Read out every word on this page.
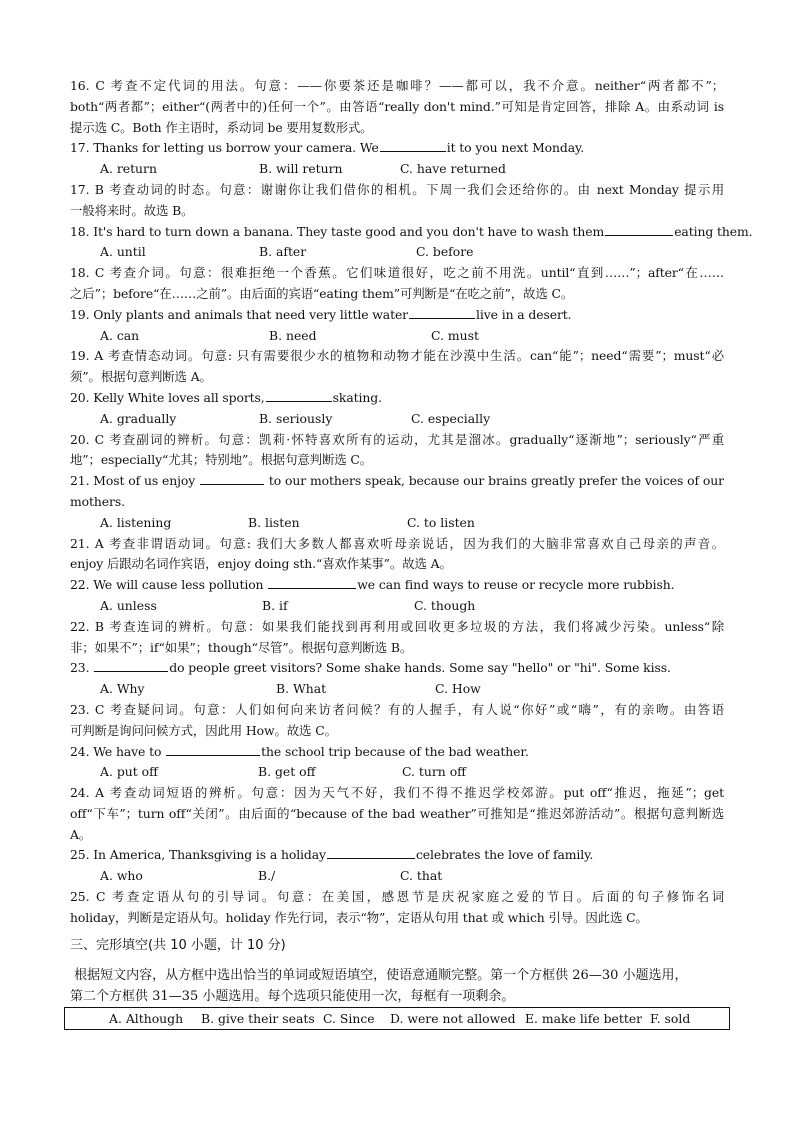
16. C 考查不定代词的用法。句意：——你要茶还是咖啡？——都可以，我不介意。neither“两者都不”；
both“两者都”；either“(两者中的)任何一个”。由答语“really don't mind.”可知是肯定回答，排除 A。由系动词 is
提示选 C。Both 作主语时，系动词 be 要用复数形式。
17. Thanks for letting us borrow your camera. We	it to you next Monday.
A. return	B. will return	C. have returned
17. B 考查动词的时态。句意：谢谢你让我们借你的相机。下周一我们会还给你的。由 next Monday 提示用
一般将来时。故选 B。
18. It's hard to turn down a banana. They taste good and you don't have to wash them	eating them.
A. until	B. after	C. before
18. C 考查介词。句意：很难拒绝一个香蕉。它们味道很好，吃之前不用洗。until“直到……”；after“在……
之后”；before“在……之前”。由后面的宾语“eating them”可判断是“在吃之前”，故选 C。
19. Only plants and animals that need very little water	live in a desert.
A. can	B. need	C. must
19. A 考查情态动词。句意: 只有需要很少水的植物和动物才能在沙漠中生活。can“能”；need“需要”；must“必
须”。根据句意判断选 A。
20. Kelly White loves all sports,	skating.
A. gradually	B. seriously	C. especially
20. C 考查副词的辨析。句意：凯莉·怀特喜欢所有的运动，尤其是溜冰。gradually“逐渐地”；seriously“严重
地”；especially“尤其；特别地”。根据句意判断选 C。
21. Most of us enjoy	to our mothers speak, because our brains greatly prefer the voices of our
mothers.
A. listening	B. listen	C. to listen
21. A 考查非谓语动词。句意: 我们大多数人都喜欢听母亲说话，因为我们的大脑非常喜欢自己母亲的声音。
enjoy 后跟动名词作宾语，enjoy doing sth.“喜欢作某事”。故选 A。
22. We will cause less pollution	we can find ways to reuse or recycle more rubbish.
A. unless	B. if	C. though
22. B 考查连词的辨析。句意：如果我们能找到再利用或回收更多垃圾的方法，我们将减少污染。unless“除
非；如果不”；if“如果”；though“尽管”。根据句意判断选 B。
23.	do people greet visitors? Some shake hands. Some say "hello" or "hi". Some kiss.
A. Why	B. What	C. How
23. C 考查疑问词。句意：人们如何向来访者问候？有的人握手，有人说“你好”或“嗨”，有的亲吻。由答语
可判断是询问问候方式，因此用 How。故选 C。
24. We have to	the school trip because of the bad weather.
A. put off	B. get off	C. turn off
24. A 考查动词短语的辨析。句意：因为天气不好，我们不得不推迟学校郊游。put off“推迟，拖延”；get
off“下车”；turn off“关闭”。由后面的“because of the bad weather”可推知是“推迟郊游活动”。根据句意判断选
A。
25. In America, Thanksgiving is a holiday	celebrates the love of family.
A. who	B./	C. that
25. C 考查定语从句的引导词。句意：在美国，感恩节是庆祝家庭之爱的节日。后面的句子修饰名词
holiday，判断是定语从句。holiday 作先行词，表示“物”，定语从句用 that 或 which 引导。因此选 C。
三、完形填空(共 10 小题，计 10 分)
根据短文内容，从方框中选出恰当的单词或短语填空，使语意通顺完整。第一个方框供 26—30 小题选用，
第二个方框供 31—35 小题选用。每个选项只能使用一次，每框有一项剩余。
A. Although B. give their seats C. Since D. were not allowed E. make life better F. sold
